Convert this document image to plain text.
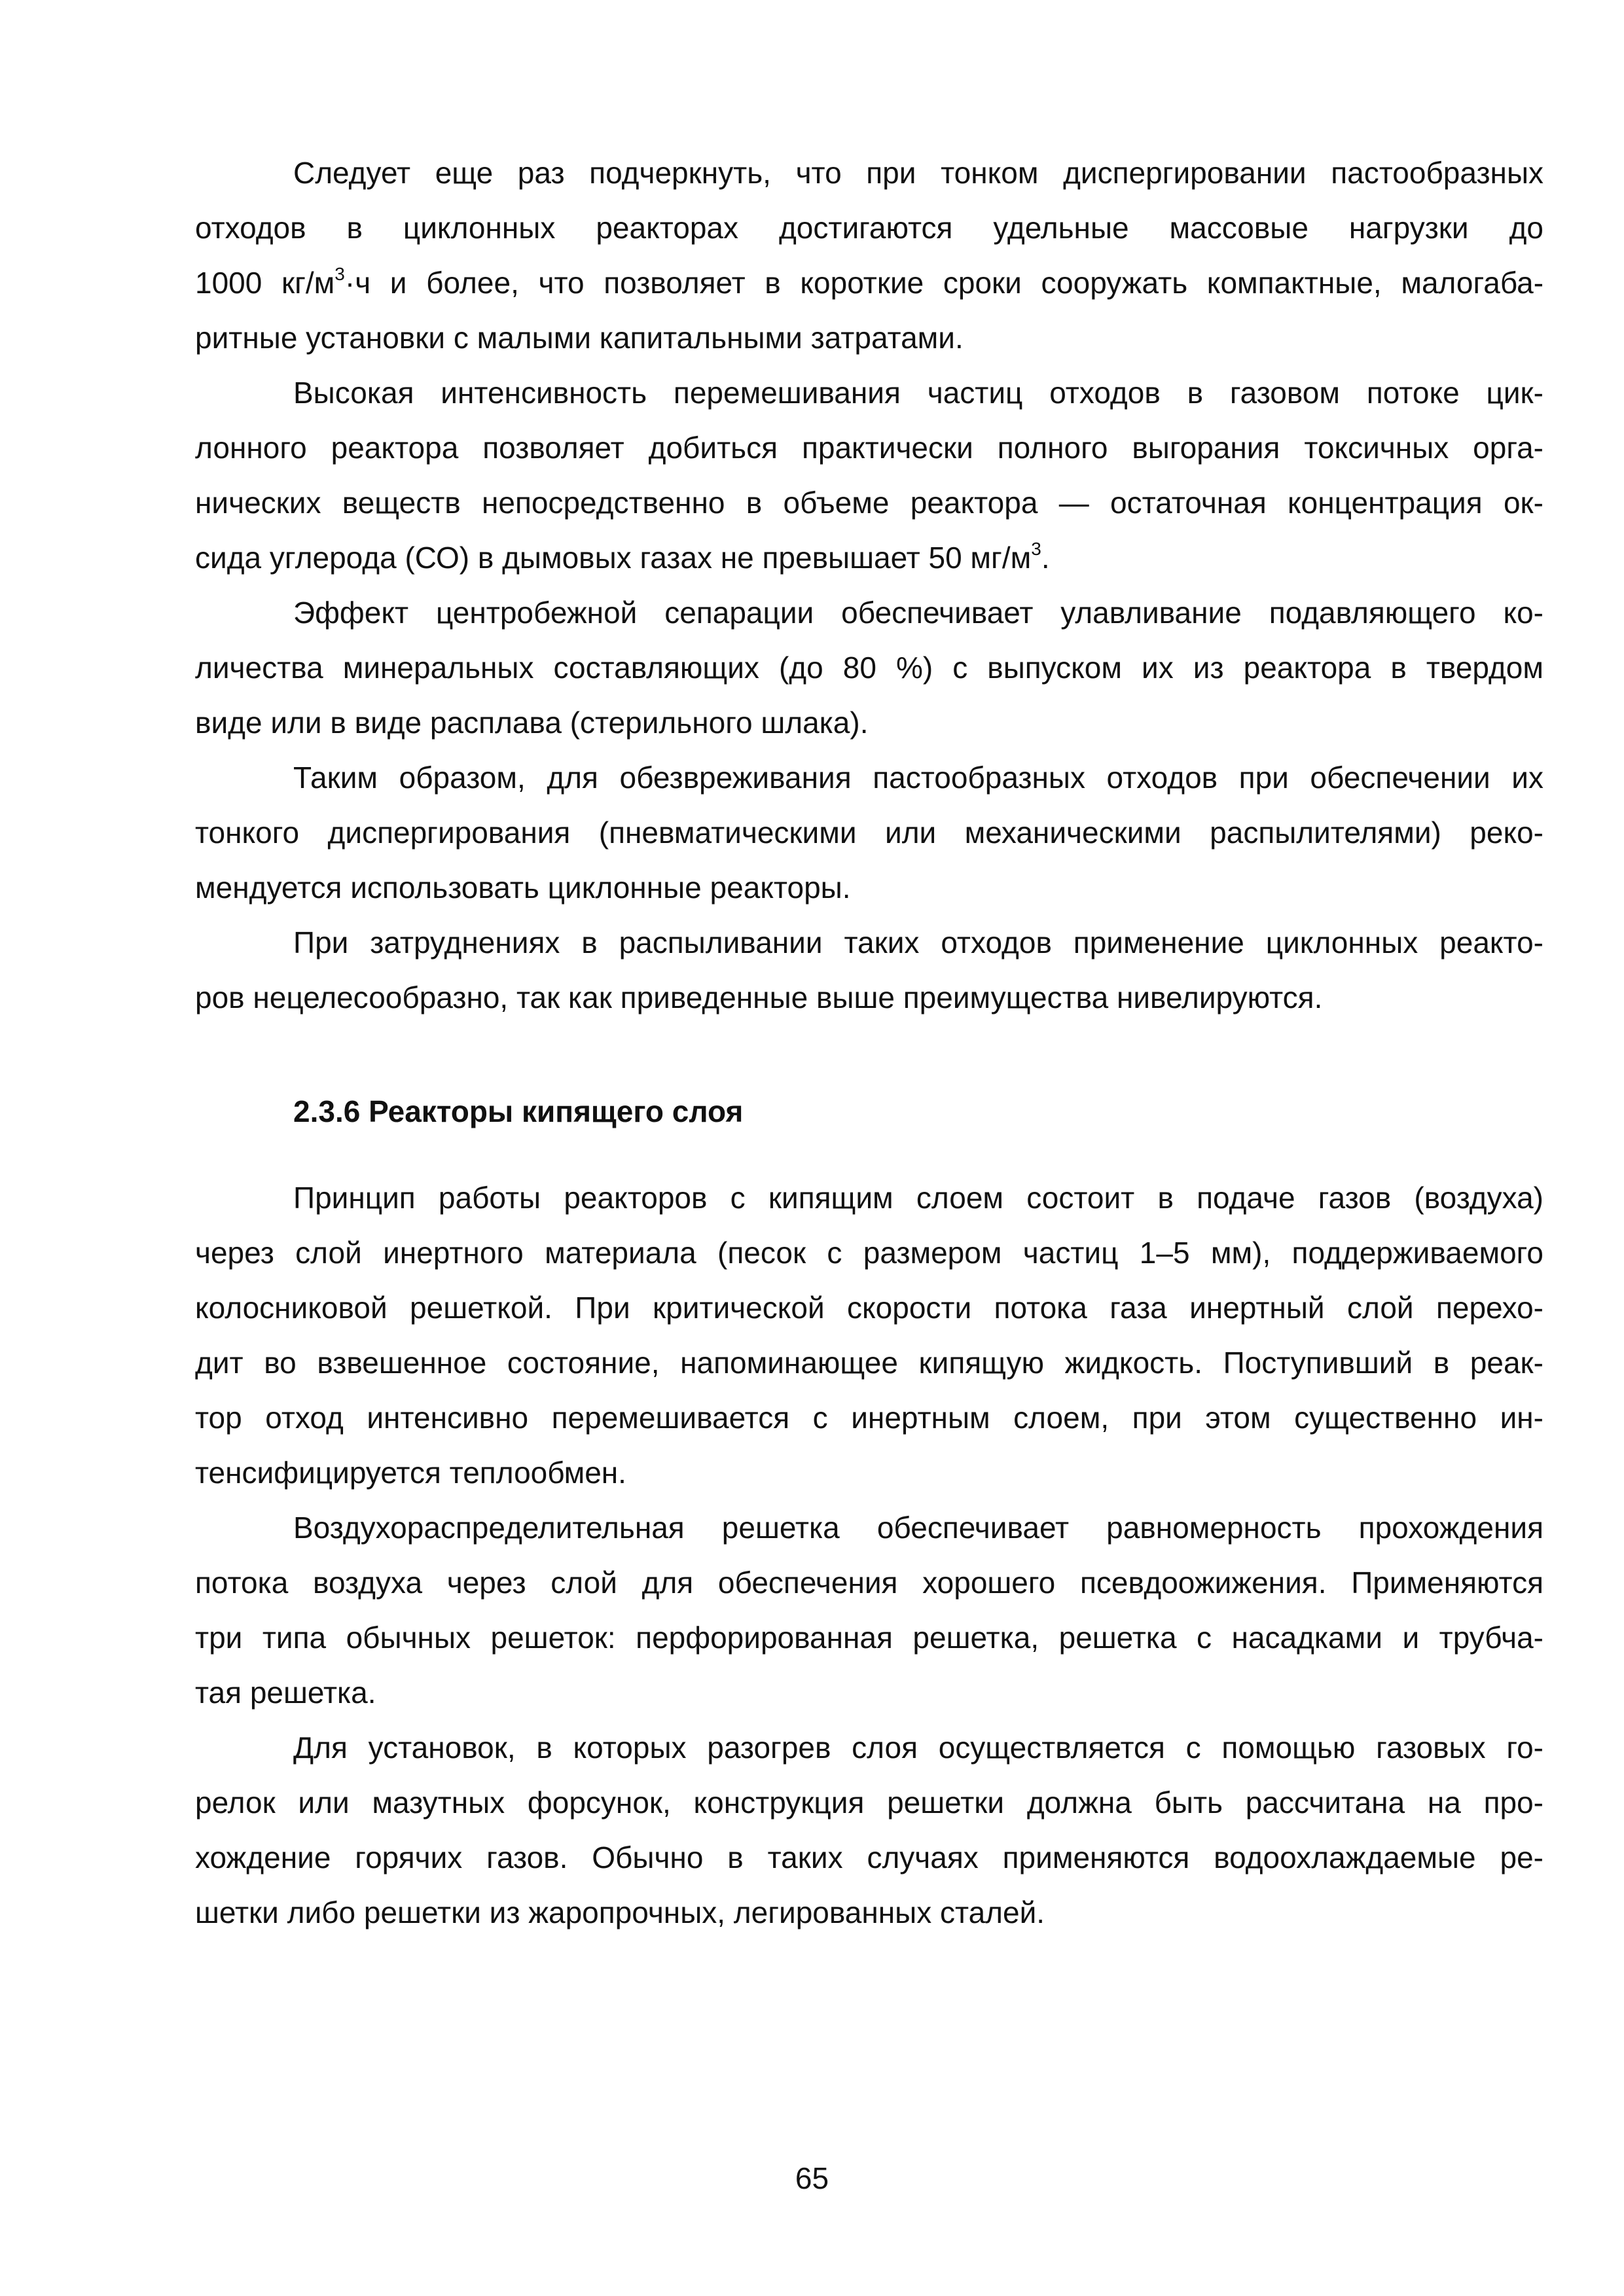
Следует еще раз подчеркнуть, что при тонком диспергировании пастообразных
отходов в циклонных реакторах достигаются удельные массовые нагрузки до
1000 $кг/м^3\cdot ч$ и более, что позволяет в короткие сроки сооружать компактные, малогаба-
ритные установки с малыми капитальными затратами.
Высокая интенсивность перемешивания частиц отходов в газовом потоке цик-
лонного реактора позволяет добиться практически полного выгорания токсичных орга-
нических веществ непосредственно в объеме реактора — остаточная концентрация ок-
сида углерода (СО) в дымовых газах не превышает 50 $мг/м^3$.
Эффект центробежной сепарации обеспечивает улавливание подавляющего ко-
личества минеральных составляющих (до 80 %) с выпуском их из реактора в твердом
виде или в виде расплава (стерильного шлака).
Таким образом, для обезвреживания пастообразных отходов при обеспечении их
тонкого диспергирования (пневматическими или механическими распылителями) реко-
мендуется использовать циклонные реакторы.
При затруднениях в распыливании таких отходов применение циклонных реакто-
ров нецелесообразно, так как приведенные выше преимущества нивелируются.
2.3.6 Реакторы кипящего слоя
Принцип работы реакторов с кипящим слоем состоит в подаче газов (воздуха)
через слой инертного материала (песок с размером частиц 1–5 мм), поддерживаемого
колосниковой решеткой. При критической скорости потока газа инертный слой перехо-
дит во взвешенное состояние, напоминающее кипящую жидкость. Поступивший в реак-
тор отход интенсивно перемешивается с инертным слоем, при этом существенно ин-
тенсифицируется теплообмен.
Воздухораспределительная решетка обеспечивает равномерность прохождения
потока воздуха через слой для обеспечения хорошего псевдоожижения. Применяются
три типа обычных решеток: перфорированная решетка, решетка с насадками и трубча-
тая решетка.
Для установок, в которых разогрев слоя осуществляется с помощью газовых го-
релок или мазутных форсунок, конструкция решетки должна быть рассчитана на про-
хождение горячих газов. Обычно в таких случаях применяются водоохлаждаемые ре-
шетки либо решетки из жаропрочных, легированных сталей.
65
